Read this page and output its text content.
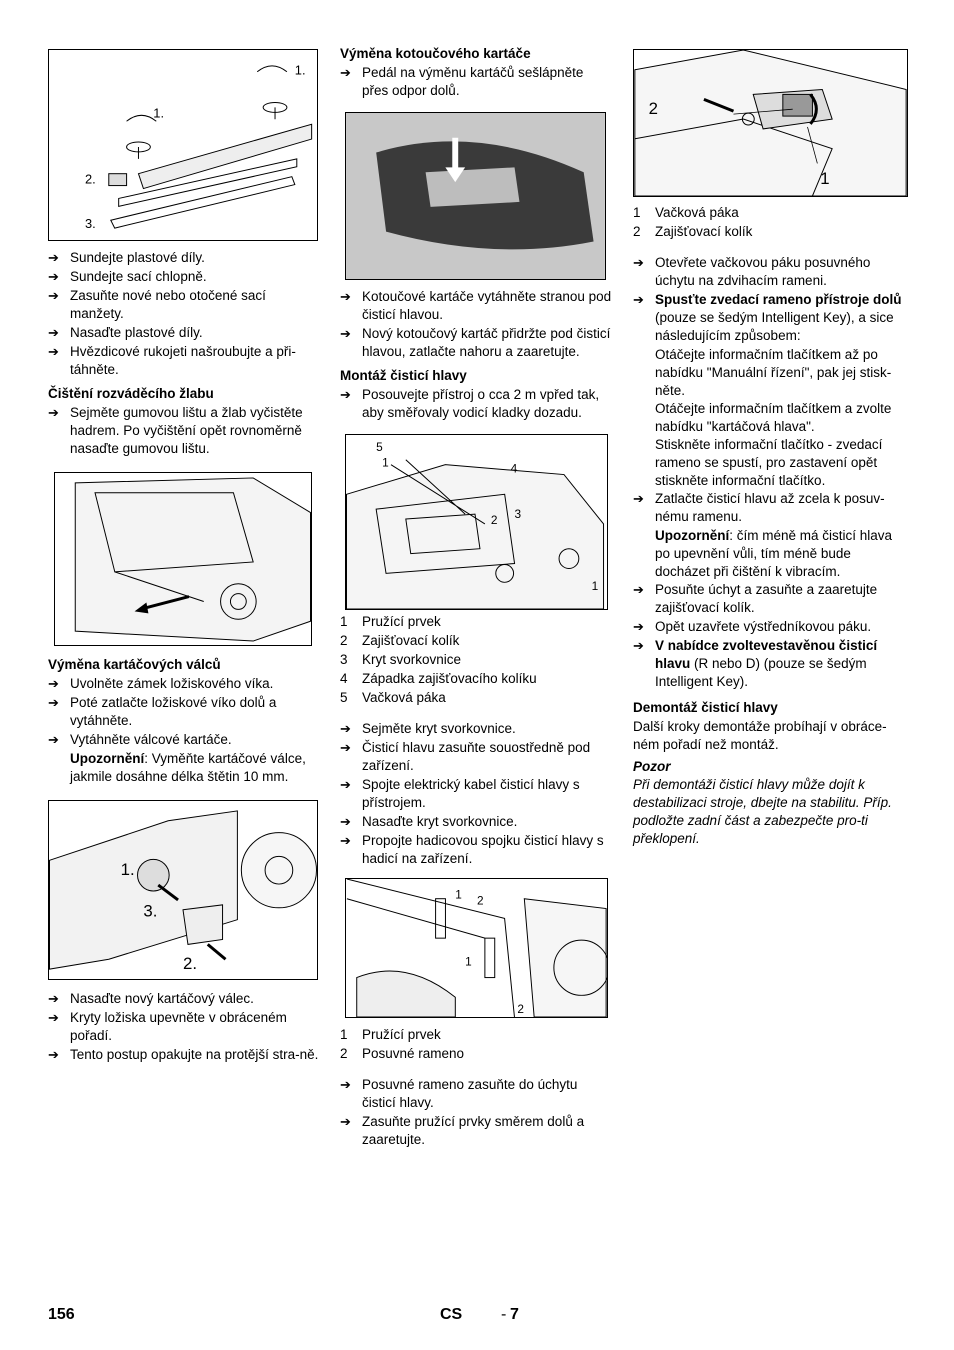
1.
1.
2.
3.
➔ Sundejte plastové díly.
➔ Sundejte sací chlopně.
➔ Zasuňte nové nebo otočené sací manžety.
➔ Nasaďte plastové díly.
➔ Hvězdicové rukojeti našroubujte a při-táhněte.
Čištění rozváděcího žlabu
➔ Sejměte gumovou lištu a žlab vyčistěte hadrem. Po vyčištění opět rovnoměrně nasaďte gumovou lištu.
Výměna kartáčových válců
➔ Uvolněte zámek ložiskového víka.
➔ Poté zatlačte ložiskové víko dolů a vytáhněte.
➔ Vytáhněte válcové kartáče.
Upozornění: Vyměňte kartáčové válce, jakmile dosáhne délka štětin 10 mm.
1.
3.
2.
➔ Nasaďte nový kartáčový válec.
➔ Kryty ložiska upevněte v obráceném pořadí.
➔ Tento postup opakujte na protější stra-ně.
Výměna kotoučového kartáče
➔ Pedál na výměnu kartáčů sešlápněte přes odpor dolů.
➔ Kotoučové kartáče vytáhněte stranou pod čisticí hlavou.
➔ Nový kotoučový kartáč přidržte pod čisticí hlavou, zatlačte nahoru a zaaretujte.
Montáž čisticí hlavy
➔ Posouvejte přístroj o cca 2 m vpřed tak, aby směřovaly vodicí kladky dozadu.
5
1	4
2 3
1
1	Pružící prvek
2	Zajišťovací kolík
3	Kryt svorkovnice
4	Západka zajišťovacího kolíku
5	Vačková páka
➔ Sejměte kryt svorkovnice.
➔ Čisticí hlavu zasuňte souostředně pod zařízení.
➔ Spojte elektrický kabel čisticí hlavy s přístrojem.
➔ Nasaďte kryt svorkovnice.
➔ Propojte hadicovou spojku čisticí hlavy s hadicí na zařízení.
1 2
1
2
1	Pružící prvek
2	Posuvné rameno
➔ Posuvné rameno zasuňte do úchytu čisticí hlavy.
➔ Zasuňte pružící prvky směrem dolů a zaaretujte.
2
1
1	Vačková páka
2	Zajišťovací kolík
➔ Otevřete vačkovou páku posuvného úchytu na zdvihacím rameni.
➔ Spusťte zvedací rameno přístroje dolů (pouze se šedým Intelligent Key), a sice následujícím způsobem:
Otáčejte informačním tlačítkem až po nabídku "Manuální řízení", pak jej stisk-něte.
Otáčejte informačním tlačítkem a zvolte nabídku "kartáčová hlava".
Stiskněte informační tlačítko - zvedací rameno se spustí, pro zastavení opět stiskněte informační tlačítko.
➔ Zatlačte čisticí hlavu až zcela k posuv-nému ramenu.
Upozornění: čím méně má čisticí hlava po upevnění vůli, tím méně bude docházet při čištění k vibracím.
➔ Posuňte úchyt a zasuňte a zaaretujte zajišťovací kolík.
➔ Opět uzavřete výstředníkovou páku.
➔ V nabídce zvoltevestavěnou čisticí hlavu (R nebo D) (pouze se šedým Intelligent Key).
Demontáž čisticí hlavy
Další kroky demontáže probíhají v obráce-ném pořadí než montáž.
Pozor
Při demontáži čisticí hlavy může dojít k destabilizaci stroje, dbejte na stabilitu. Příp. podložte zadní část a zabezpečte pro-ti překlopení.
156	CS - 7
